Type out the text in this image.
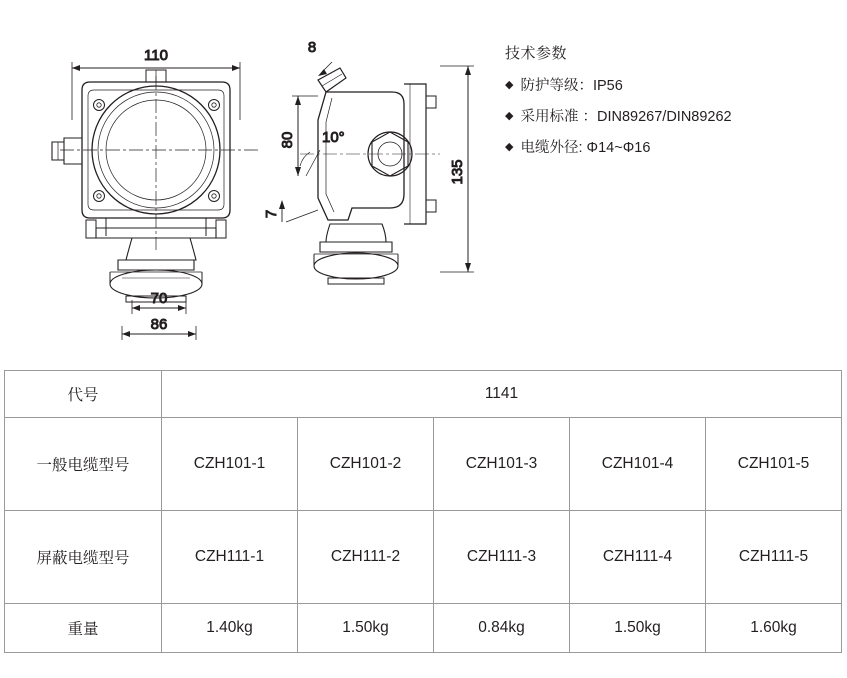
110
70
86
8
80 10°
7
135
技术参数
◆ 防护等级：IP56
◆ 采用标准 ：DIN89267/DIN89262
◆ 电缆外径: Φ14~Φ16
代号	1141				
一般电缆型号	CZH101-1	CZH101-2	CZH101-3	CZH101-4	CZH101-5
屏蔽电缆型号	CZH111-1	CZH111-2	CZH111-3	CZH111-4	CZH111-5
重量	1.40kg	1.50kg	0.84kg	1.50kg	1.60kg
